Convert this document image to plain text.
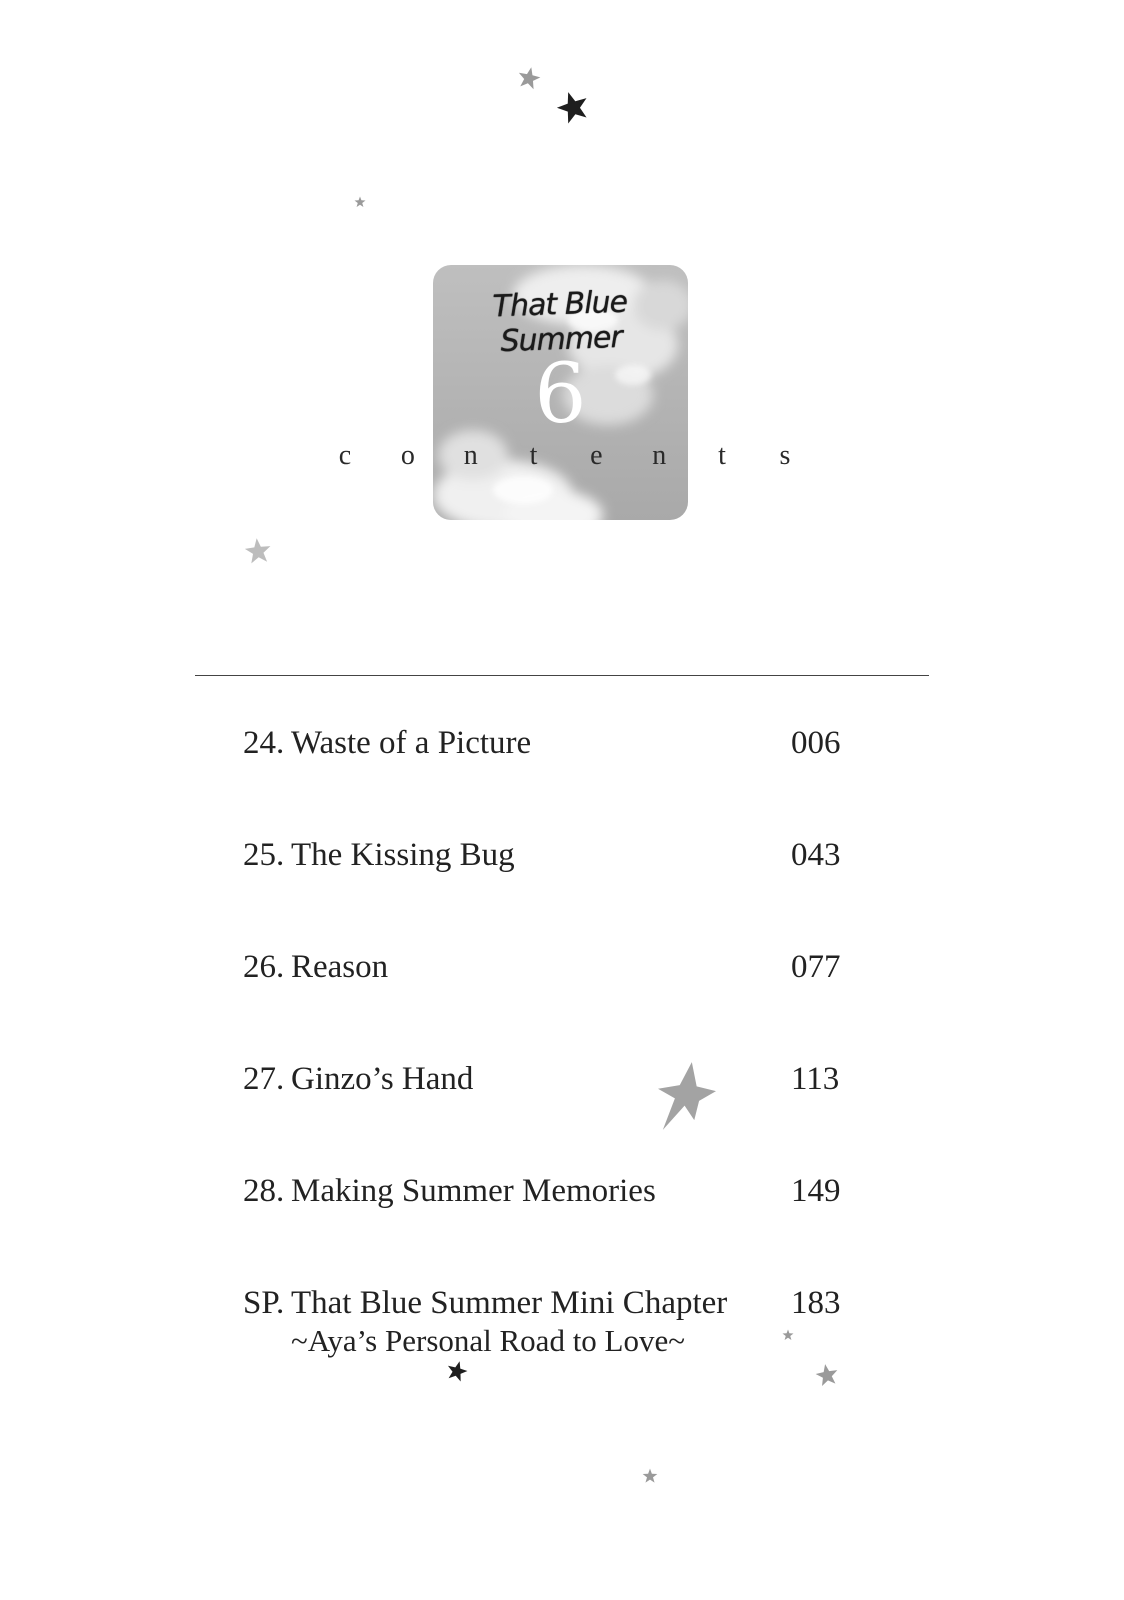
That Blue Summer
6
c o n t e n t s
24. Waste of a Picture	006
25. The Kissing Bug	043
26. Reason	077
27. Ginzo’s Hand	113
28. Making Summer Memories	149
SP. That Blue Summer Mini Chapter 183
~Aya’s Personal Road to Love~
